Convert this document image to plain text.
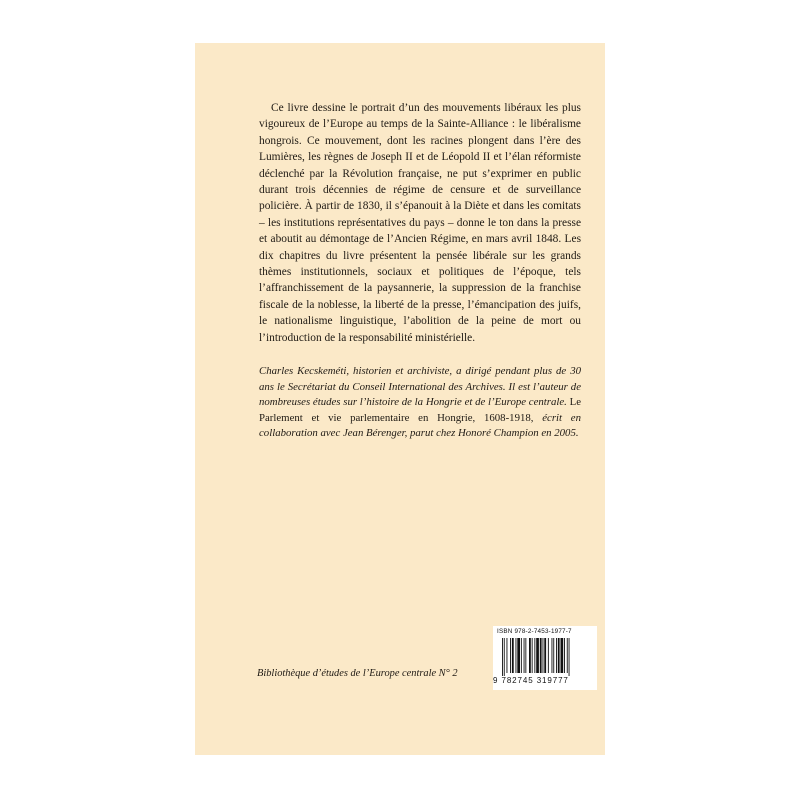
Ce livre dessine le portrait d’un des mouvements libéraux les plus vigoureux de l’Europe au temps de la Sainte-Alliance : le libéralisme hongrois. Ce mouvement, dont les racines plongent dans l’ère des Lumières, les règnes de Joseph II et de Léopold II et l’élan réformiste déclenché par la Révolution française, ne put s’exprimer en public durant trois décennies de régime de censure et de surveillance policière. À partir de 1830, il s’épanouit à la Diète et dans les comitats – les institutions représentatives du pays – donne le ton dans la presse et aboutit au démontage de l’Ancien Régime, en mars avril 1848. Les dix chapitres du livre présentent la pensée libérale sur les grands thèmes institutionnels, sociaux et politiques de l’époque, tels l’affranchissement de la paysannerie, la suppression de la franchise fiscale de la noblesse, la liberté de la presse, l’émancipation des juifs, le nationalisme linguistique, l’abolition de la peine de mort ou l’introduction de la responsabilité ministérielle.

Charles Kecskeméti, historien et archiviste, a dirigé pendant plus de 30 ans le Secrétariat du Conseil International des Archives. Il est l’auteur de nombreuses études sur l’histoire de la Hongrie et de l’Europe centrale. Le Parlement et vie parlementaire en Hongrie, 1608-1918, écrit en collaboration avec Jean Bérenger, parut chez Honoré Champion en 2005.

Bibliothèque d’études de l’Europe centrale N° 2
ISBN 978-2-7453-1977-7
9 782745 319777
